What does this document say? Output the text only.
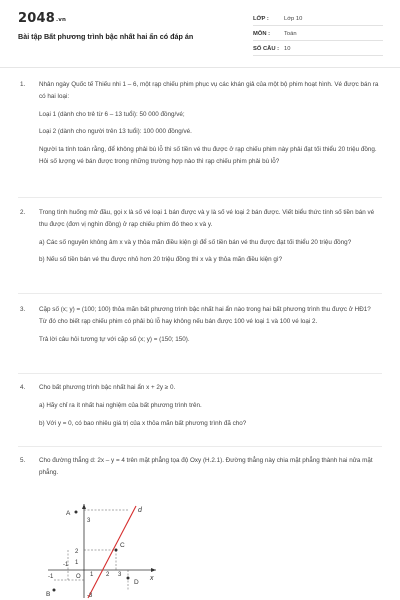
2048.vn
Bài tập Bất phương trình bậc nhất hai ẩn có đáp án
LỚP :	Lớp 10
MÔN : Toán
SỐ CÂU : 10
1. Nhân ngày Quốc tế Thiếu nhi 1 – 6, một rạp chiếu phim phục vụ các khán giả của một bộ phim hoạt hình. Vé được bán ra có hai loại:

Loại 1 (dành cho trẻ từ 6 – 13 tuổi): 50 000 đồng/vé;

Loại 2 (dành cho người trên 13 tuổi): 100 000 đồng/vé.

Người ta tính toán rằng, để không phải bù lỗ thì số tiền vé thu được ở rạp chiếu phim này phải đạt tối thiểu 20 triệu đồng. Hỏi số lượng vé bán được trong những trường hợp nào thì rạp chiếu phim phải bù lỗ?

2. Trong tình huống mở đầu, gọi x là số vé loại 1 bán được và y là số vé loại 2 bán được. Viết biểu thức tính số tiền bán vé thu được (đơn vị nghìn đồng) ở rạp chiếu phim đó theo x và y.

a) Các số nguyên không âm x và y thỏa mãn điều kiện gì để số tiền bán vé thu được đạt tối thiểu 20 triệu đồng?

b) Nếu số tiền bán vé thu được nhỏ hơn 20 triệu đồng thì x và y thỏa mãn điều kiện gì?

3. Cặp số (x; y) = (100; 100) thỏa mãn bất phương trình bậc nhất hai ẩn nào trong hai bất phương trình thu được ở HĐ1? Từ đó cho biết rạp chiếu phim có phải bù lỗ hay không nếu bán được 100 vé loại 1 và 100 vé loại 2.

Trả lời câu hỏi tương tự với cặp số (x; y) = (150; 150).

4. Cho bất phương trình bậc nhất hai ẩn x + 2y ≥ 0.

a) Hãy chỉ ra ít nhất hai nghiệm của bất phương trình trên.

b) Với y = 0, có bao nhiêu giá trị của x thỏa mãn bất phương trình đã cho?

5. Cho đường thẳng d: 2x – y = 4 trên mặt phẳng tọa độ Oxy (H.2.1). Đường thẳng này chia mặt phẳng thành hai nửa mặt phẳng.

d
x
O
A
B
C
D
3
2
1
-1
-3
-1
1 2 3
